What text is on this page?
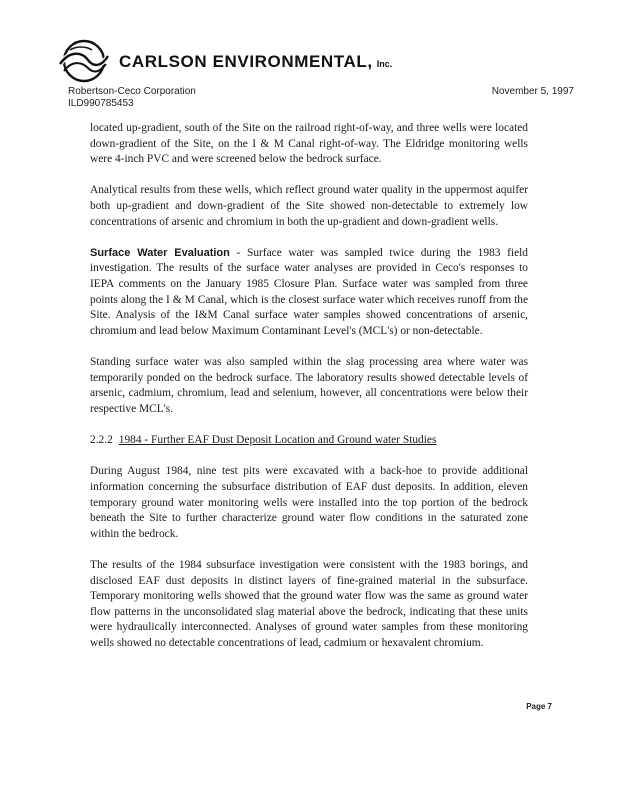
CARLSON ENVIRONMENTAL, Inc.
Robertson-Ceco Corporation
ILD990785453
November 5, 1997

located up-gradient, south of the Site on the railroad right-of-way, and three wells were located down-gradient of the Site, on the I & M Canal right-of-way. The Eldridge monitoring wells were 4-inch PVC and were screened below the bedrock surface.

Analytical results from these wells, which reflect ground water quality in the uppermost aquifer both up-gradient and down-gradient of the Site showed non-detectable to extremely low concentrations of arsenic and chromium in both the up-gradient and down-gradient wells.

Surface Water Evaluation - Surface water was sampled twice during the 1983 field investigation. The results of the surface water analyses are provided in Ceco's responses to IEPA comments on the January 1985 Closure Plan. Surface water was sampled from three points along the I & M Canal, which is the closest surface water which receives runoff from the Site. Analysis of the I&M Canal surface water samples showed concentrations of arsenic, chromium and lead below Maximum Contaminant Level's (MCL's) or non-detectable.

Standing surface water was also sampled within the slag processing area where water was temporarily ponded on the bedrock surface. The laboratory results showed detectable levels of arsenic, cadmium, chromium, lead and selenium, however, all concentrations were below their respective MCL's.

2.2.2 1984 - Further EAF Dust Deposit Location and Ground water Studies

During August 1984, nine test pits were excavated with a back-hoe to provide additional information concerning the subsurface distribution of EAF dust deposits. In addition, eleven temporary ground water monitoring wells were installed into the top portion of the bedrock beneath the Site to further characterize ground water flow conditions in the saturated zone within the bedrock.

The results of the 1984 subsurface investigation were consistent with the 1983 borings, and disclosed EAF dust deposits in distinct layers of fine-grained material in the subsurface. Temporary monitoring wells showed that the ground water flow was the same as ground water flow patterns in the unconsolidated slag material above the bedrock, indicating that these units were hydraulically interconnected. Analyses of ground water samples from these monitoring wells showed no detectable concentrations of lead, cadmium or hexavalent chromium.

Page 7
